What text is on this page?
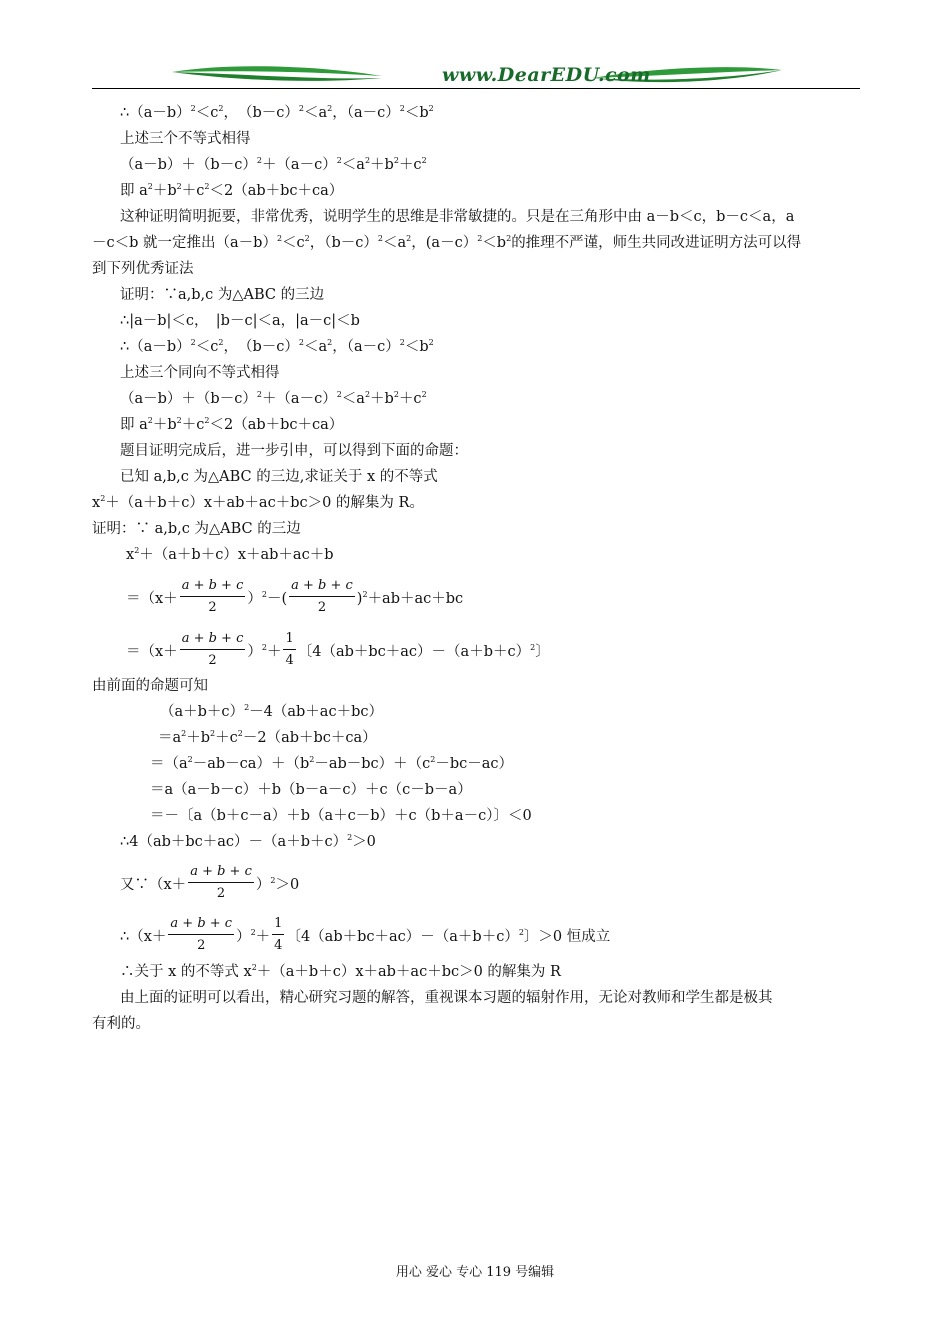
www.DearEDU.com
$\therefore(a-b)^2<c^2$，　$(b-c)^2<a^2$，$(a-c)^2<b^2$
上述三个不等式相得
$(a-b)+(b-c)^2+(a-c)^2<a^2+b^2+c^2$
即 $a^2+b^2+c^2<2(ab+bc+ca)$
这种证明简明扼要，非常优秀，说明学生的思维是非常敏捷的。只是在三角形中由 a－b＜c，b－c＜a，a
－c＜b 就一定推出$(a-b)^2<c^2$，$(b-c)^2<a^2$，$(a-c)^2<b^2$的推理不严谨，师生共同改进证明方法可以得
到下列优秀证法
证明：∵a,b,c 为△ABC 的三边
∴|a－b|＜c，　|b－c|＜a，|a－c|＜b
$\therefore(a-b)^2<c^2$，　$(b-c)^2<a^2$，$(a-c)^2<b^2$
上述三个同向不等式相得
$(a-b)+(b-c)^2+(a-c)^2<a^2+b^2+c^2$
即 $a^2+b^2+c^2<2(ab+bc+ca)$
题目证明完成后，进一步引申，可以得到下面的命题：
已知 a,b,c 为△ABC 的三边,求证关于 x 的不等式
$x^2+(a+b+c)x+ab+ac+bc>0$ 的解集为 R。
证明：∵ a,b,c 为△ABC 的三边
$x^2+(a+b+c)x+ab+ac+b$
$=(x+ \frac{a + b + c}{2} )^2-( \frac{a + b + c}{2} )^2+ab+ac+bc$
$=(x+ \frac{a + b + c}{2} )^2+ \frac{1}{4}$ 〔$4(ab+bc+ac)-(a+b+c)^2$〕
由前面的命题可知
$(a+b+c)^2-4(ab+ac+bc)$
$=a^2+b^2+c^2-2(ab+bc+ca)$
$=(a^2-ab-ca)+(b^2-ab-bc)+(c^2-bc-ac)$
＝a（a－b－c）＋b（b－a－c）＋c（c－b－a）
＝－〔a（b＋c－a）＋b（a＋c－b）＋c（b＋a－c）〕＜0
$\therefore 4(ab+bc+ac)-(a+b+c)^2>0$
又∵（x＋ $\frac{a + b + c}{2} )^2>0$
∴（x＋ $\frac{a + b + c}{2} )^2+ \frac{1}{4}$ 〔$4(ab+bc+ac)-(a+b+c)^2$〕＞0 恒成立
∴关于 x 的不等式 $x^2+(a+b+c)x+ab+ac+bc>0$ 的解集为 R
由上面的证明可以看出，精心研究习题的解答，重视课本习题的辐射作用，无论对教师和学生都是极其
有利的。
用心 爱心 专心 119 号编辑
